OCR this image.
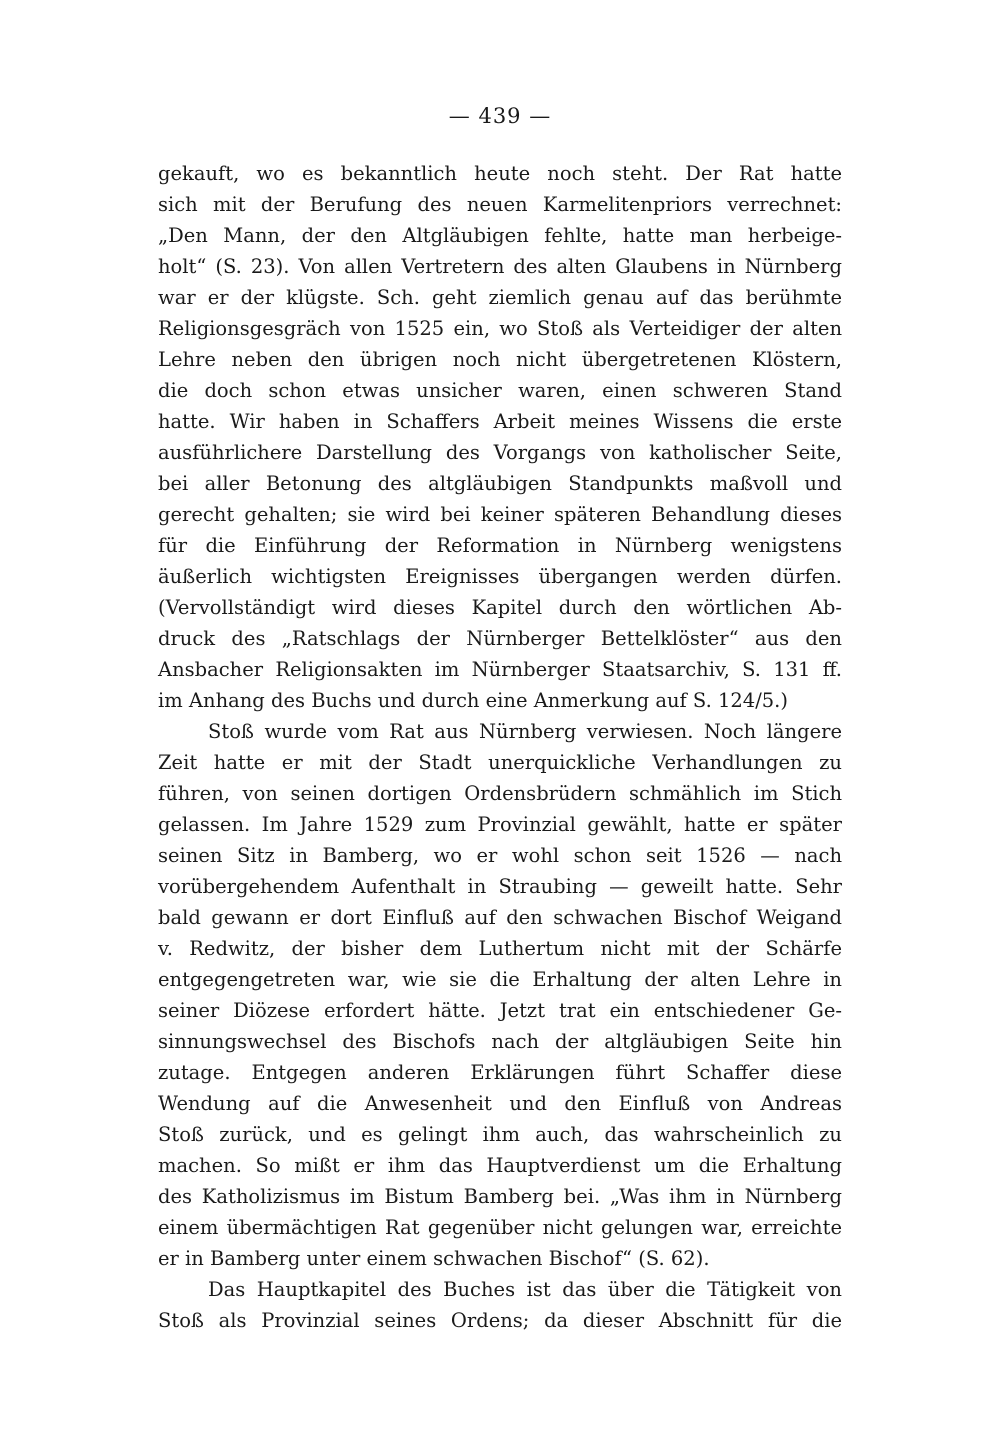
— 439 —
gekauft, wo es bekanntlich heute noch steht. Der Rat hatte
sich mit der Berufung des neuen Karmelitenpriors verrechnet:
„Den Mann, der den Altgläubigen fehlte, hatte man herbeige-
holt“ (S. 23). Von allen Vertretern des alten Glaubens in Nürnberg
war er der klügste. Sch. geht ziemlich genau auf das berühmte
Religionsgesgräch von 1525 ein, wo Stoß als Verteidiger der alten
Lehre neben den übrigen noch nicht übergetretenen Klöstern,
die doch schon etwas unsicher waren, einen schweren Stand
hatte. Wir haben in Schaffers Arbeit meines Wissens die erste
ausführlichere Darstellung des Vorgangs von katholischer Seite,
bei aller Betonung des altgläubigen Standpunkts maßvoll und
gerecht gehalten; sie wird bei keiner späteren Behandlung dieses
für die Einführung der Reformation in Nürnberg wenigstens
äußerlich wichtigsten Ereignisses übergangen werden dürfen.
(Vervollständigt wird dieses Kapitel durch den wörtlichen Ab-
druck des „Ratschlags der Nürnberger Bettelklöster“ aus den
Ansbacher Religionsakten im Nürnberger Staatsarchiv, S. 131 ff.
im Anhang des Buchs und durch eine Anmerkung auf S. 124/5.)
Stoß wurde vom Rat aus Nürnberg verwiesen. Noch längere
Zeit hatte er mit der Stadt unerquickliche Verhandlungen zu
führen, von seinen dortigen Ordensbrüdern schmählich im Stich
gelassen. Im Jahre 1529 zum Provinzial gewählt, hatte er später
seinen Sitz in Bamberg, wo er wohl schon seit 1526 — nach
vorübergehendem Aufenthalt in Straubing — geweilt hatte. Sehr
bald gewann er dort Einfluß auf den schwachen Bischof Weigand
v. Redwitz, der bisher dem Luthertum nicht mit der Schärfe
entgegengetreten war, wie sie die Erhaltung der alten Lehre in
seiner Diözese erfordert hätte. Jetzt trat ein entschiedener Ge-
sinnungswechsel des Bischofs nach der altgläubigen Seite hin
zutage. Entgegen anderen Erklärungen führt Schaffer diese
Wendung auf die Anwesenheit und den Einfluß von Andreas
Stoß zurück, und es gelingt ihm auch, das wahrscheinlich zu
machen. So mißt er ihm das Hauptverdienst um die Erhaltung
des Katholizismus im Bistum Bamberg bei. „Was ihm in Nürnberg
einem übermächtigen Rat gegenüber nicht gelungen war, erreichte
er in Bamberg unter einem schwachen Bischof“ (S. 62).
Das Hauptkapitel des Buches ist das über die Tätigkeit von
Stoß als Provinzial seines Ordens; da dieser Abschnitt für die
